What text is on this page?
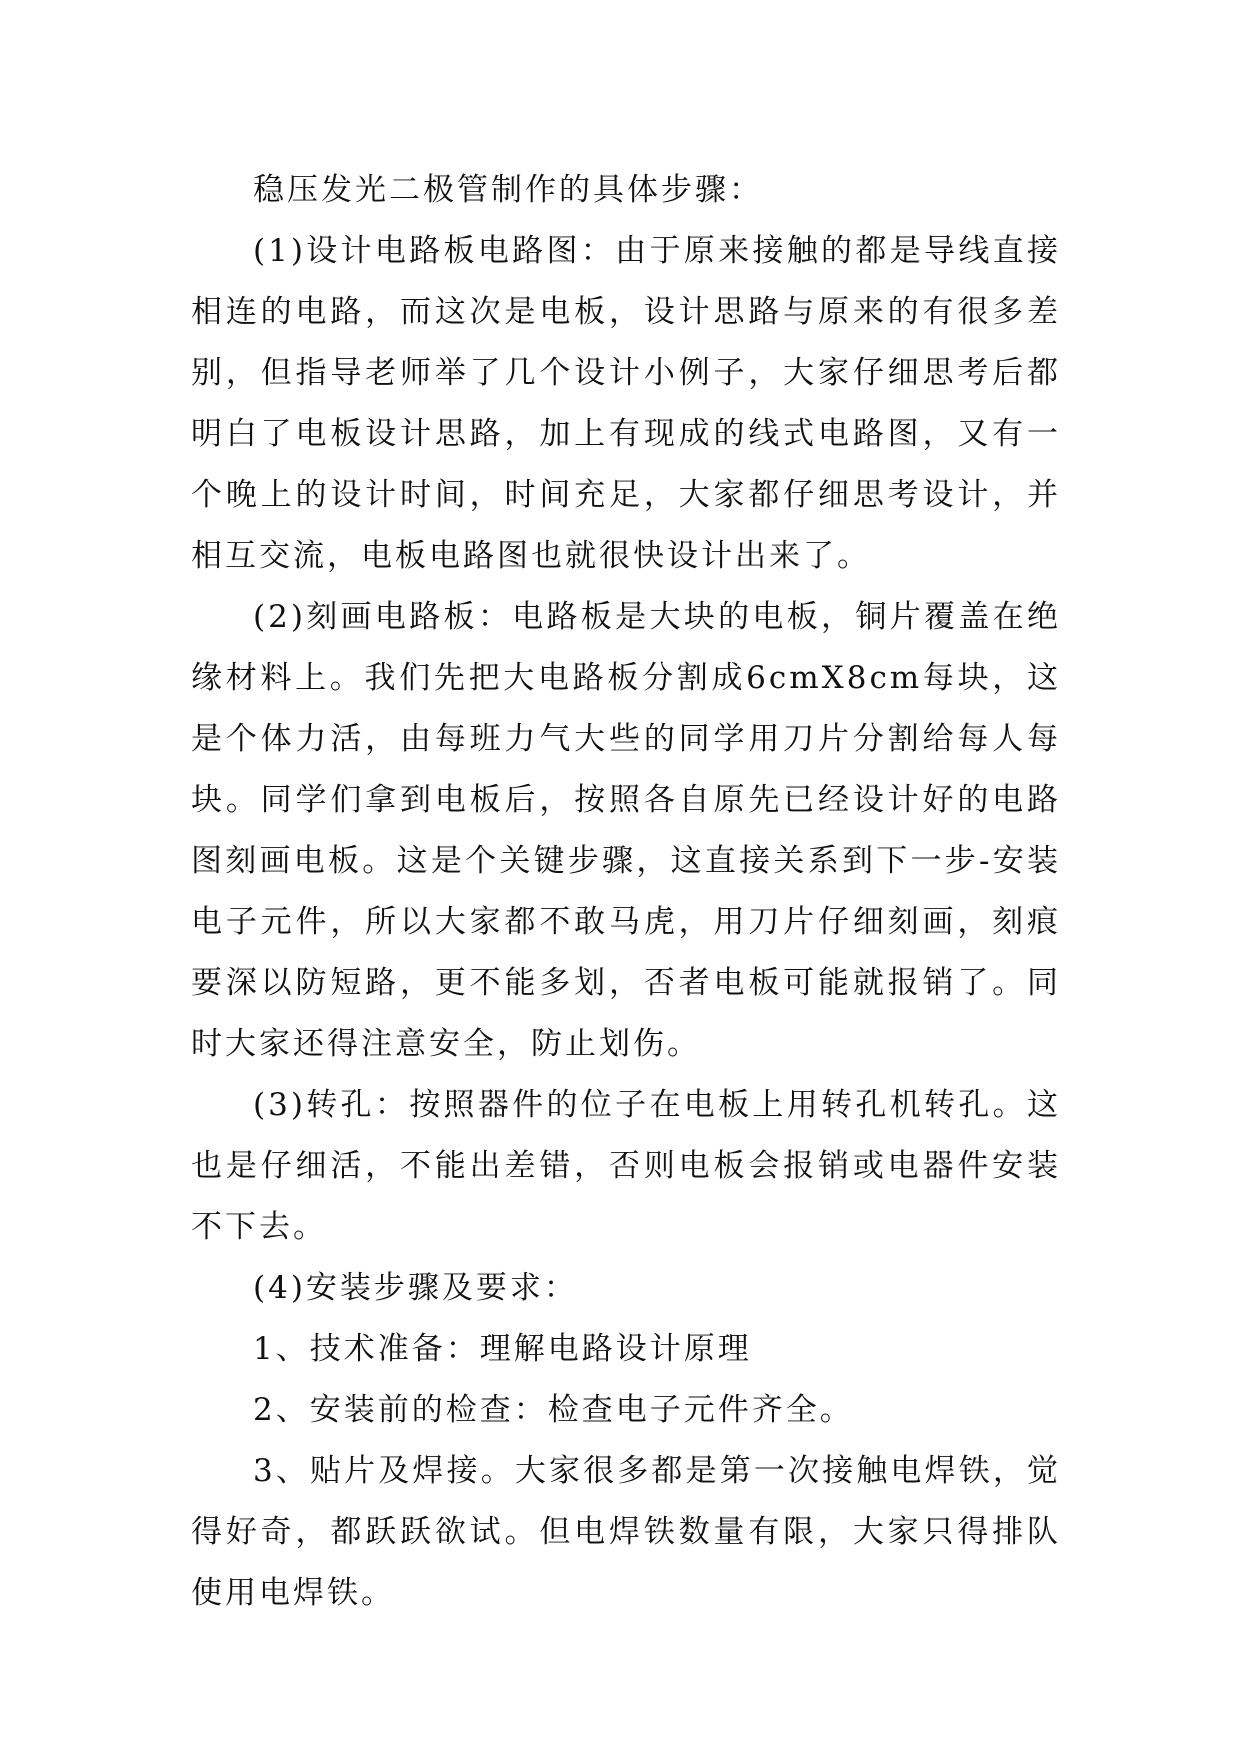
稳压发光二极管制作的具体步骤：

(1)设计电路板电路图：由于原来接触的都是导线直接相连的电路，而这次是电板，设计思路与原来的有很多差别，但指导老师举了几个设计小例子，大家仔细思考后都明白了电板设计思路，加上有现成的线式电路图，又有一个晚上的设计时间，时间充足，大家都仔细思考设计，并相互交流，电板电路图也就很快设计出来了。

(2)刻画电路板：电路板是大块的电板，铜片覆盖在绝缘材料上。我们先把大电路板分割成6cmX8cm每块，这是个体力活，由每班力气大些的同学用刀片分割给每人每块。同学们拿到电板后，按照各自原先已经设计好的电路图刻画电板。这是个关键步骤，这直接关系到下一步-安装电子元件，所以大家都不敢马虎，用刀片仔细刻画，刻痕要深以防短路，更不能多划，否者电板可能就报销了。同时大家还得注意安全，防止划伤。

(3)转孔：按照器件的位子在电板上用转孔机转孔。这也是仔细活，不能出差错，否则电板会报销或电器件安装不下去。

(4)安装步骤及要求：

1、技术准备：理解电路设计原理

2、安装前的检查：检查电子元件齐全。

3、贴片及焊接。大家很多都是第一次接触电焊铁，觉得好奇，都跃跃欲试。但电焊铁数量有限，大家只得排队使用电焊铁。
